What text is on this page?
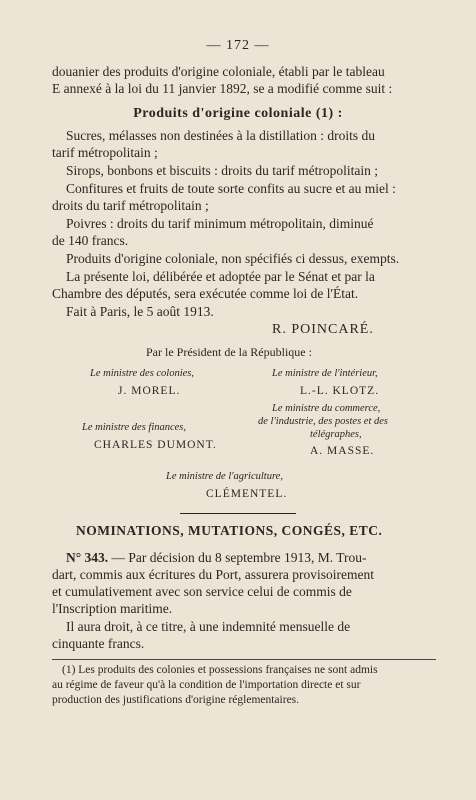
— 172 —
douanier des produits d'origine coloniale, établi par le tableau
E annexé à la loi du 11 janvier 1892, se a modifié comme suit :
Produits d'origine coloniale (1) :
Sucres, mélasses non destinées à la distillation : droits du
tarif métropolitain ;
Sirops, bonbons et biscuits : droits du tarif métropolitain ;
Confitures et fruits de toute sorte confits au sucre et au miel :
droits du tarif métropolitain ;
Poivres : droits du tarif minimum métropolitain, diminué
de 140 francs.
Produits d'origine coloniale, non spécifiés ci dessus, exempts.
La présente loi, délibérée et adoptée par le Sénat et par la
Chambre des députés, sera exécutée comme loi de l'État.
Fait à Paris, le 5 août 1913.
R. POINCARÉ.
Par le Président de la République :
Le ministre des colonies,
J. MOREL.
Le ministre de l'intérieur,
L.-L. KLOTZ.
Le ministre du commerce,
de l'industrie, des postes et des
télégraphes,
Le ministre des finances,
CHARLES DUMONT.	A. MASSE.
Le ministre de l'agriculture,
CLÉMENTEL.
NOMINATIONS, MUTATIONS, CONGÉS, ETC.
N° 343. — Par décision du 8 septembre 1913, M. Trou-
dart, commis aux écritures du Port, assurera provisoirement
et cumulativement avec son service celui de commis de
l'Inscription maritime.
Il aura droit, à ce titre, à une indemnité mensuelle de
cinquante francs.
(1) Les produits des colonies et possessions françaises ne sont admis
au régime de faveur qu'à la condition de l'importation directe et sur
production des justifications d'origine réglementaires.
